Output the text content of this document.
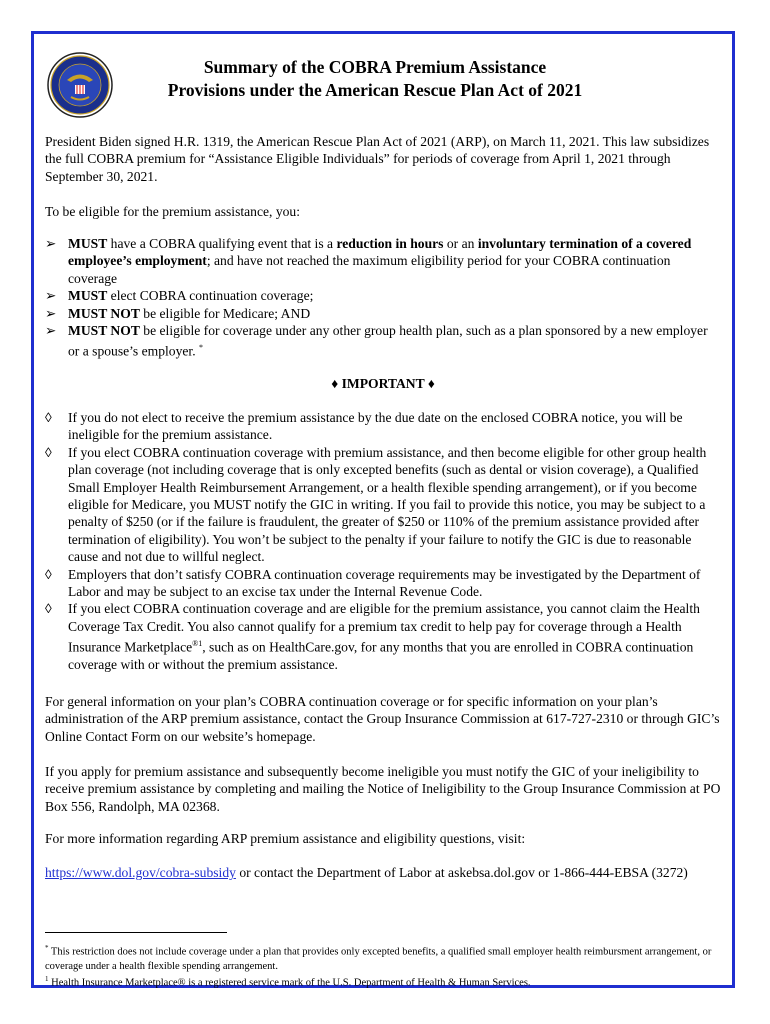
Summary of the COBRA Premium Assistance
Provisions under the American Rescue Plan Act of 2021

President Biden signed H.R. 1319, the American Rescue Plan Act of 2021 (ARP), on March 11, 2021. This law subsidizes the full COBRA premium for “Assistance Eligible Individuals” for periods of coverage from April 1, 2021 through September 30, 2021.

To be eligible for the premium assistance, you:

➢ MUST have a COBRA qualifying event that is a reduction in hours or an involuntary termination of a covered employee’s employment; and have not reached the maximum eligibility period for your COBRA continuation coverage
➢ MUST elect COBRA continuation coverage;
➢ MUST NOT be eligible for Medicare; AND
➢ MUST NOT be eligible for coverage under any other group health plan, such as a plan sponsored by a new employer or a spouse’s employer. *
♦ IMPORTANT ♦
◊ If you do not elect to receive the premium assistance by the due date on the enclosed COBRA notice, you will be ineligible for the premium assistance.
◊ If you elect COBRA continuation coverage with premium assistance, and then become eligible for other group health plan coverage (not including coverage that is only excepted benefits (such as dental or vision coverage), a Qualified Small Employer Health Reimbursement Arrangement, or a health flexible spending arrangement), or if you become eligible for Medicare, you MUST notify the GIC in writing. If you fail to provide this notice, you may be subject to a penalty of $250 (or if the failure is fraudulent, the greater of $250 or 110% of the premium assistance provided after termination of eligibility). You won’t be subject to the penalty if your failure to notify the GIC is due to reasonable cause and not due to willful neglect.
◊ Employers that don’t satisfy COBRA continuation coverage requirements may be investigated by the Department of Labor and may be subject to an excise tax under the Internal Revenue Code.
◊ If you elect COBRA continuation coverage and are eligible for the premium assistance, you cannot claim the Health Coverage Tax Credit. You also cannot qualify for a premium tax credit to help pay for coverage through a Health Insurance Marketplace$^{®1}$, such as on HealthCare.gov, for any months that you are enrolled in COBRA continuation coverage with or without the premium assistance.

For general information on your plan’s COBRA continuation coverage or for specific information on your plan’s administration of the ARP premium assistance, contact the Group Insurance Commission at 617-727-2310 or through GIC’s Online Contact Form on our website’s homepage.

If you apply for premium assistance and subsequently become ineligible you must notify the GIC of your ineligibility to receive premium assistance by completing and mailing the Notice of Ineligibility to the Group Insurance Commission at PO Box 556, Randolph, MA 02368.

For more information regarding ARP premium assistance and eligibility questions, visit:

https://www.dol.gov/cobra-subsidy or contact the Department of Labor at askebsa.dol.gov or 1-866-444-EBSA (3272)

* This restriction does not include coverage under a plan that provides only excepted benefits, a qualified small employer health reimbursment arrangement, or coverage under a health flexible spending arrangement.
$^1$ Health Insurance Marketplace® is a registered service mark of the U.S. Department of Health & Human Services.
